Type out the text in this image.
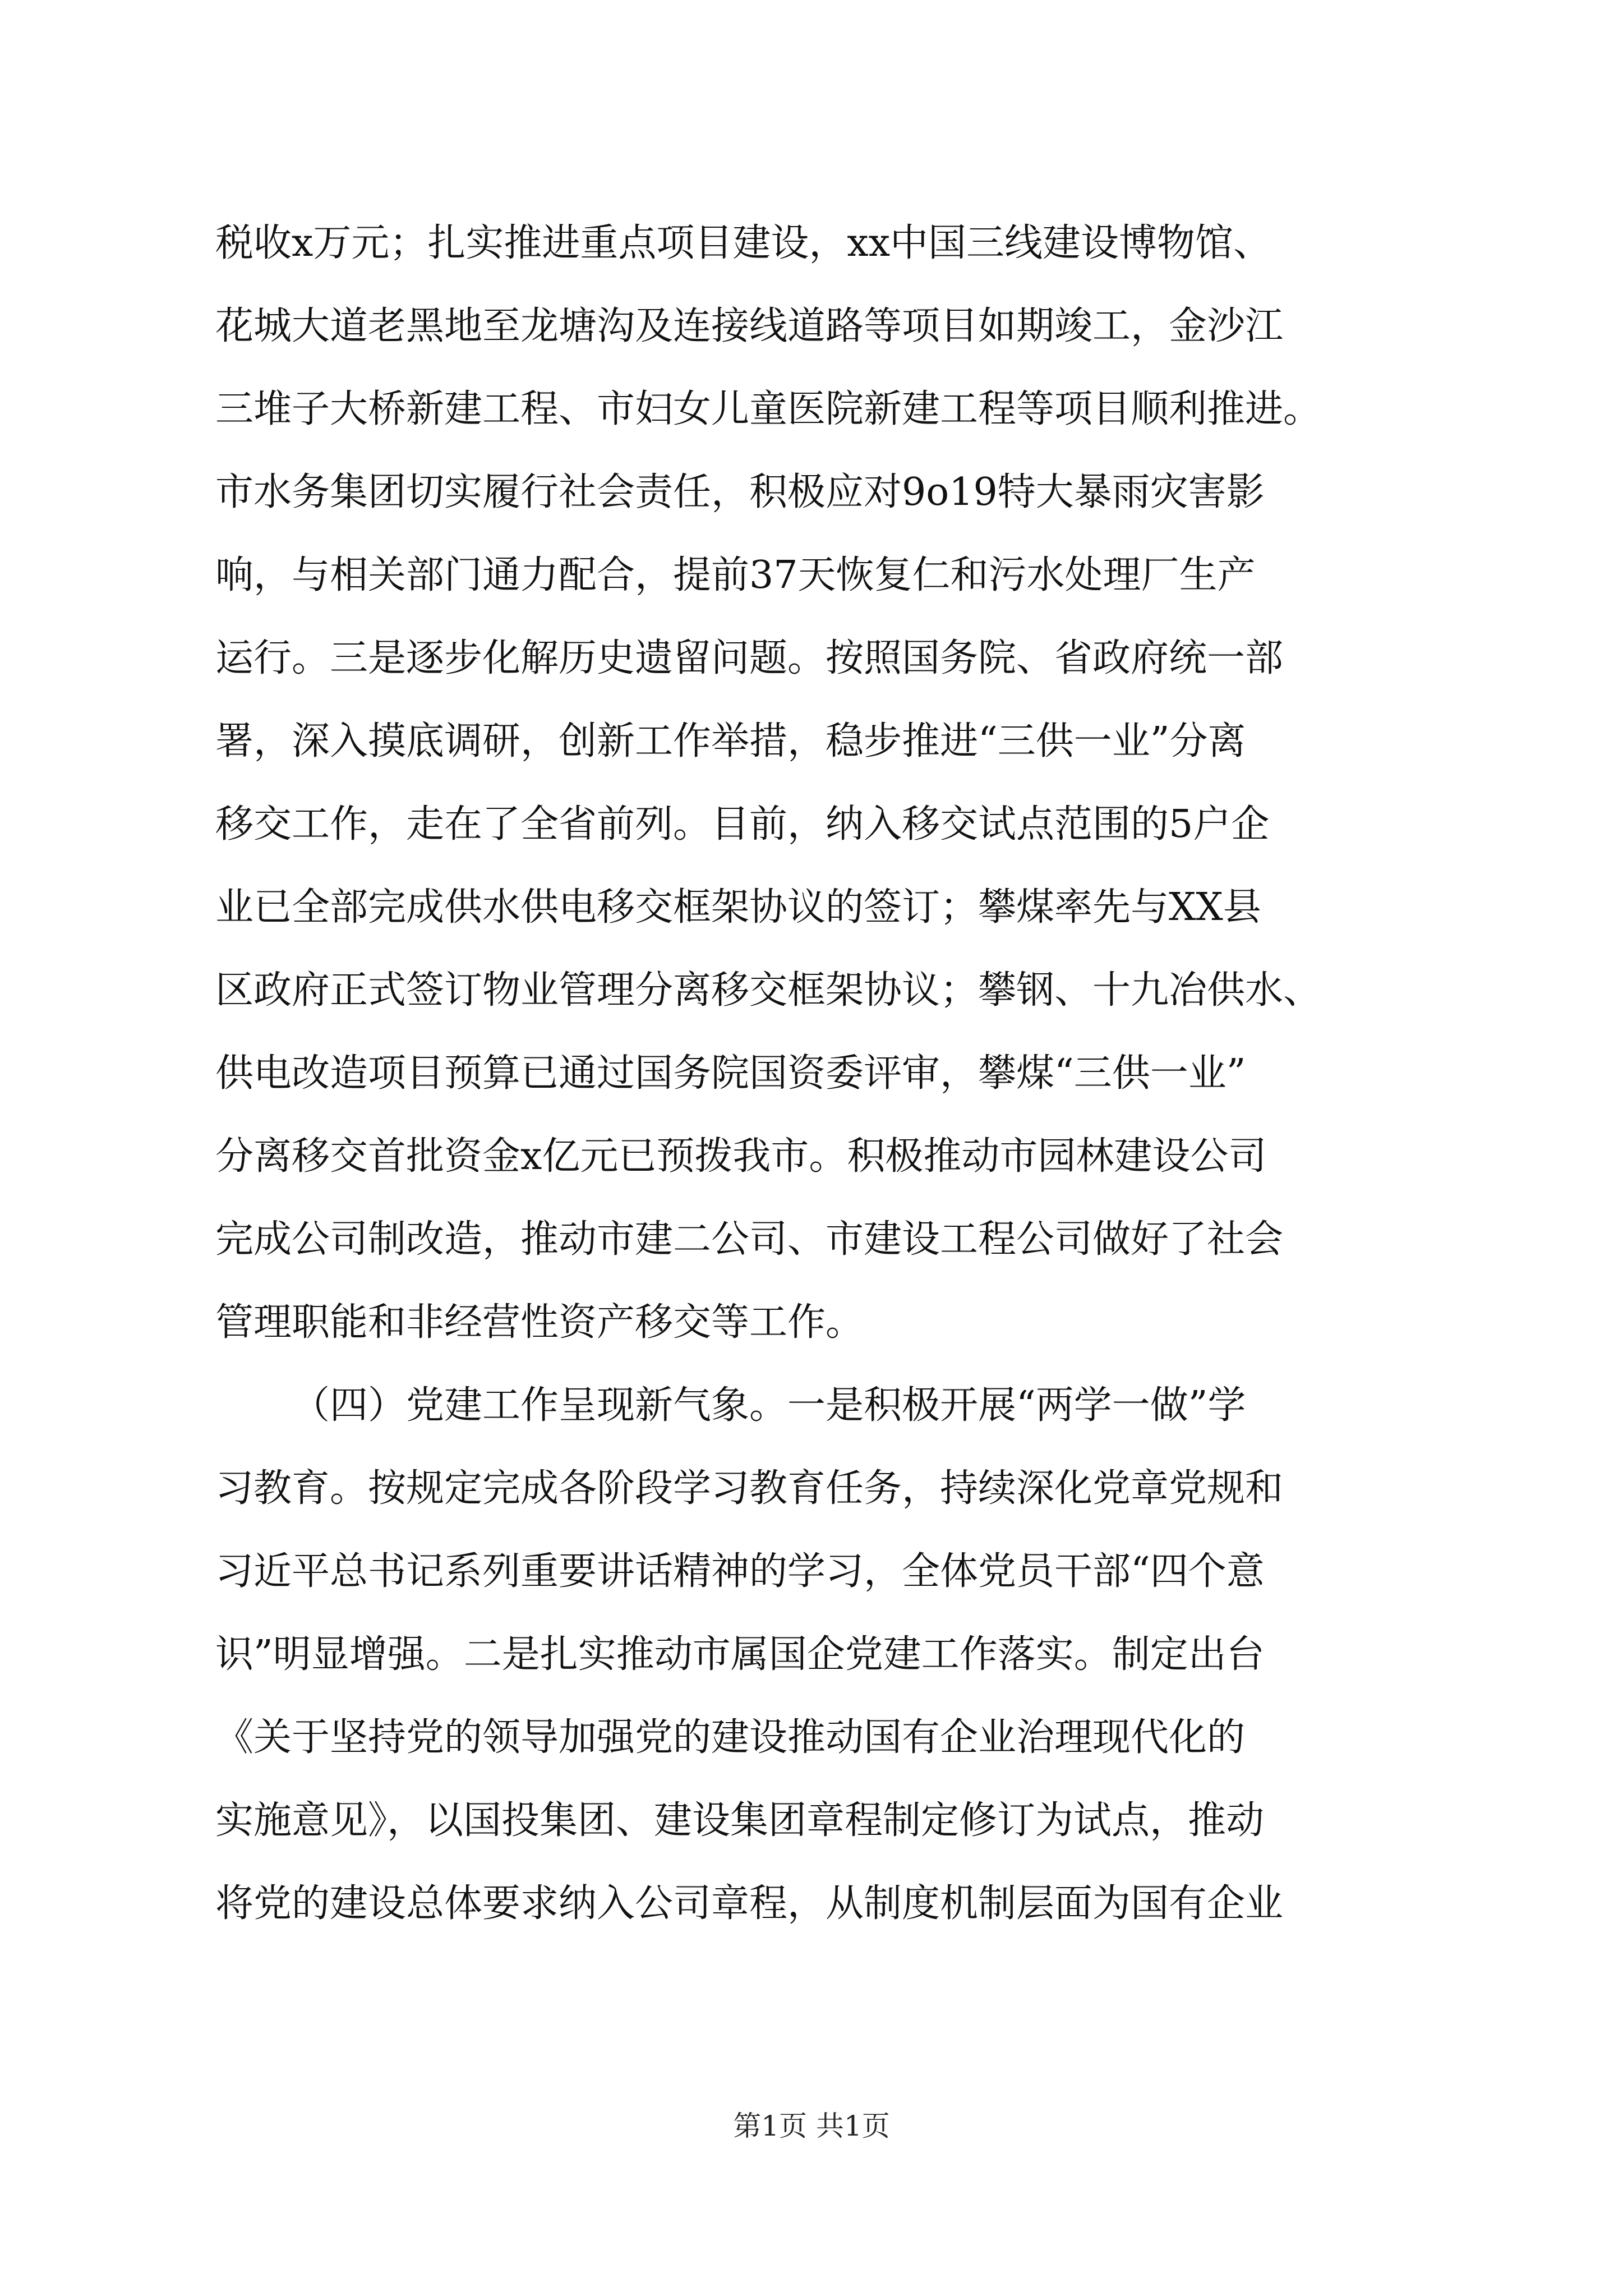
税收x万元；扎实推进重点项目建设，xx中国三线建设博物馆、
花城大道老黑地至龙塘沟及连接线道路等项目如期竣工，金沙江
三堆子大桥新建工程、市妇女儿童医院新建工程等项目顺利推进。
市水务集团切实履行社会责任，积极应对9o19特大暴雨灾害影
响，与相关部门通力配合，提前37天恢复仁和污水处理厂生产
运行。三是逐步化解历史遗留问题。按照国务院、省政府统一部
署，深入摸底调研，创新工作举措，稳步推进“三供一业”分离
移交工作，走在了全省前列。目前，纳入移交试点范围的5户企
业已全部完成供水供电移交框架协议的签订；攀煤率先与XX县
区政府正式签订物业管理分离移交框架协议；攀钢、十九冶供水、
供电改造项目预算已通过国务院国资委评审，攀煤“三供一业”
分离移交首批资金x亿元已预拨我市。积极推动市园林建设公司
完成公司制改造，推动市建二公司、市建设工程公司做好了社会
管理职能和非经营性资产移交等工作。
（四）党建工作呈现新气象。一是积极开展“两学一做”学
习教育。按规定完成各阶段学习教育任务，持续深化党章党规和
习近平总书记系列重要讲话精神的学习，全体党员干部“四个意
识”明显增强。二是扎实推动市属国企党建工作落实。制定出台
《关于坚持党的领导加强党的建设推动国有企业治理现代化的
实施意见》，以国投集团、建设集团章程制定修订为试点，推动
将党的建设总体要求纳入公司章程，从制度机制层面为国有企业
第1页 共1页
